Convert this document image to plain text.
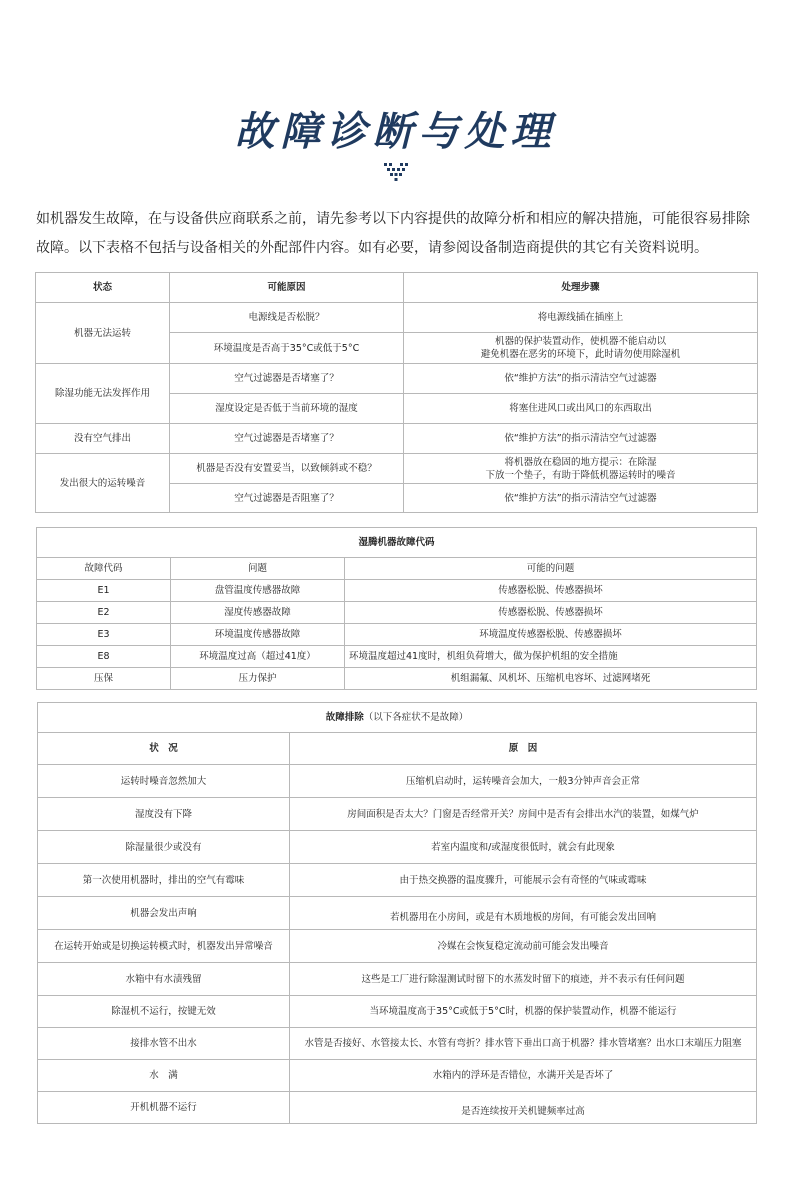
故障诊断与处理
如机器发生故障，在与设备供应商联系之前，请先参考以下内容提供的故障分析和相应的解决措施，可能很容易排除故障。以下表格不包括与设备相关的外配部件内容。如有必要，请参阅设备制造商提供的其它有关资料说明。
状态	可能原因	处理步骤
机器无法运转	电源线是否松脱？	将电源线插在插座上
	环境温度是否高于35°C或低于5°C	机器的保护装置动作，使机器不能启动以
避免机器在恶劣的环境下，此时请勿使用除湿机
除湿功能无法发挥作用	空气过滤器是否堵塞了？	依“维护方法”的指示清洁空气过滤器
	湿度设定是否低于当前环境的湿度	将塞住进风口或出风口的东西取出
没有空气排出	空气过滤器是否堵塞了？	依“维护方法”的指示清洁空气过滤器
发出很大的运转噪音	机器是否没有安置妥当，以致倾斜或不稳？	将机器放在稳固的地方提示：在除湿
下放一个垫子，有助于降低机器运转时的噪音
	空气过滤器是否阻塞了？	依“维护方法”的指示清洁空气过滤器
湿腾机器故障代码		
故障代码	问题	可能的问题
E1	盘管温度传感器故障	传感器松脱、传感器损坏
E2	湿度传感器故障	传感器松脱、传感器损坏
E3	环境温度传感器故障	环境温度传感器松脱、传感器损坏
E8	环境温度过高（超过41度）	环境温度超过41度时，机组负荷增大，做为保护机组的安全措施
压保	压力保护	机组漏氟、风机坏、压缩机电容坏、过滤网堵死
故障排除（以下各症状不是故障）	
状　况	原　因
运转时噪音忽然加大	压缩机启动时，运转噪音会加大，一般3分钟声音会正常
湿度没有下降	房间面积是否太大？门窗是否经常开关？房间中是否有会排出水汽的装置，如煤气炉
除湿量很少或没有	若室内温度和/或湿度很低时，就会有此现象
第一次使用机器时，排出的空气有霉味	由于热交换器的温度骤升，可能展示会有奇怪的气味或霉味
机器会发出声响	若机器用在小房间，或是有木质地板的房间，有可能会发出回响
在运转开始或是切换运转模式时，机器发出异常噪音	冷媒在会恢复稳定流动前可能会发出噪音
水箱中有水渍残留	这些是工厂进行除湿测试时留下的水蒸发时留下的痕迹，并不表示有任何问题
除湿机不运行，按键无效	当环境温度高于35°C或低于5°C时，机器的保护装置动作，机器不能运行
接排水管不出水	水管是否接好、水管接太长、水管有弯折？排水管下垂出口高于机器？排水管堵塞？出水口末端压力阻塞
水　满	水箱内的浮环是否错位，水满开关是否坏了
开机机器不运行	是否连续按开关机键频率过高
